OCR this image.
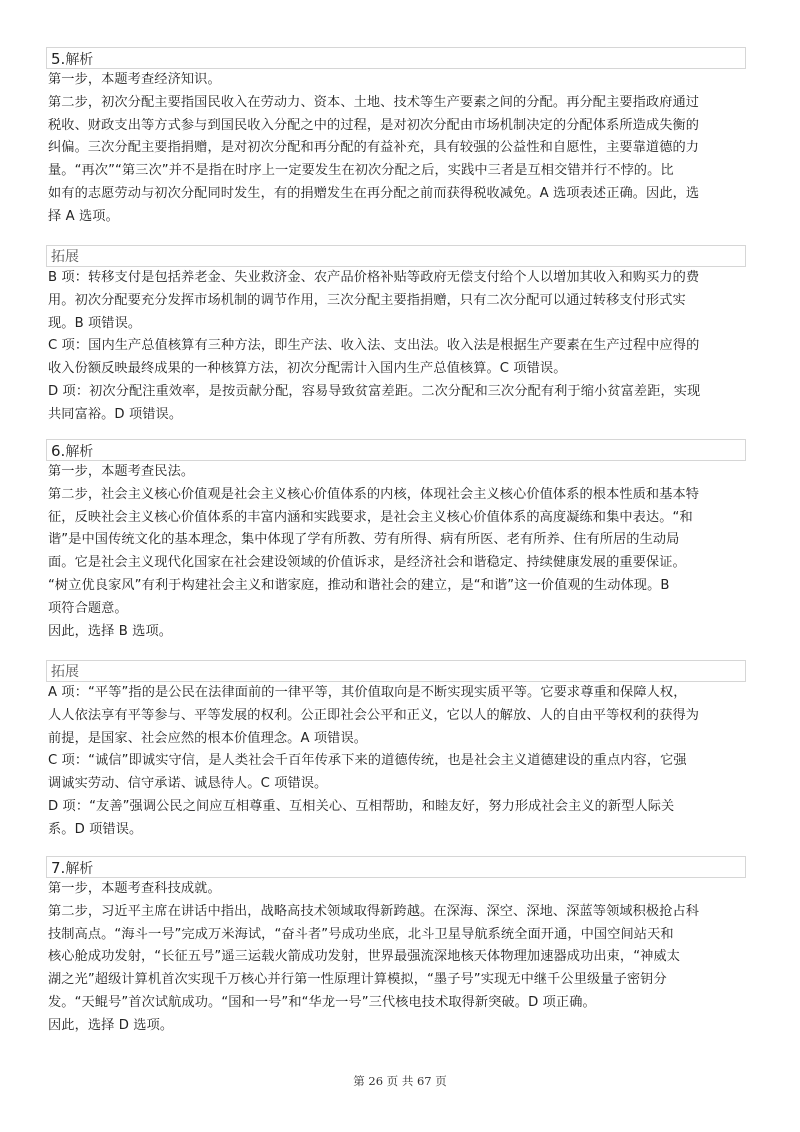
5.解析

第一步，本题考查经济知识。

第二步，初次分配主要指国民收入在劳动力、资本、土地、技术等生产要素之间的分配。再分配主要指政府通过

税收、财政支出等方式参与到国民收入分配之中的过程，是对初次分配由市场机制决定的分配体系所造成失衡的

纠偏。三次分配主要指捐赠，是对初次分配和再分配的有益补充，具有较强的公益性和自愿性，主要靠道德的力

量。“再次”“第三次”并不是指在时序上一定要发生在初次分配之后，实践中三者是互相交错并行不悖的。比

如有的志愿劳动与初次分配同时发生，有的捐赠发生在再分配之前而获得税收减免。A 选项表述正确。因此，选

择 A 选项。

拓展

B 项：转移支付是包括养老金、失业救济金、农产品价格补贴等政府无偿支付给个人以增加其收入和购买力的费

用。初次分配要充分发挥市场机制的调节作用，三次分配主要指捐赠，只有二次分配可以通过转移支付形式实

现。B 项错误。

C 项：国内生产总值核算有三种方法，即生产法、收入法、支出法。收入法是根据生产要素在生产过程中应得的

收入份额反映最终成果的一种核算方法，初次分配需计入国内生产总值核算。C 项错误。

D 项：初次分配注重效率，是按贡献分配，容易导致贫富差距。二次分配和三次分配有利于缩小贫富差距，实现

共同富裕。D 项错误。

6.解析

第一步，本题考查民法。

第二步，社会主义核心价值观是社会主义核心价值体系的内核，体现社会主义核心价值体系的根本性质和基本特

征，反映社会主义核心价值体系的丰富内涵和实践要求，是社会主义核心价值体系的高度凝练和集中表达。“和

谐”是中国传统文化的基本理念，集中体现了学有所教、劳有所得、病有所医、老有所养、住有所居的生动局

面。它是社会主义现代化国家在社会建设领域的价值诉求，是经济社会和谐稳定、持续健康发展的重要保证。

“树立优良家风”有利于构建社会主义和谐家庭，推动和谐社会的建立，是“和谐”这一价值观的生动体现。B

项符合题意。

因此，选择 B 选项。

拓展

A 项：“平等”指的是公民在法律面前的一律平等，其价值取向是不断实现实质平等。它要求尊重和保障人权，

人人依法享有平等参与、平等发展的权利。公正即社会公平和正义，它以人的解放、人的自由平等权利的获得为

前提，是国家、社会应然的根本价值理念。A 项错误。

C 项：“诚信”即诚实守信，是人类社会千百年传承下来的道德传统，也是社会主义道德建设的重点内容，它强

调诚实劳动、信守承诺、诚恳待人。C 项错误。

D 项：“友善”强调公民之间应互相尊重、互相关心、互相帮助，和睦友好，努力形成社会主义的新型人际关

系。D 项错误。

7.解析

第一步，本题考查科技成就。

第二步，习近平主席在讲话中指出，战略高技术领域取得新跨越。在深海、深空、深地、深蓝等领域积极抢占科

技制高点。“海斗一号”完成万米海试，“奋斗者”号成功坐底，北斗卫星导航系统全面开通，中国空间站天和

核心舱成功发射，“长征五号”遥三运载火箭成功发射，世界最强流深地核天体物理加速器成功出束，“神威太

湖之光”超级计算机首次实现千万核心并行第一性原理计算模拟，“墨子号”实现无中继千公里级量子密钥分

发。“天鲲号”首次试航成功。“国和一号”和“华龙一号”三代核电技术取得新突破。D 项正确。

因此，选择 D 选项。

第 26 页 共 67 页
